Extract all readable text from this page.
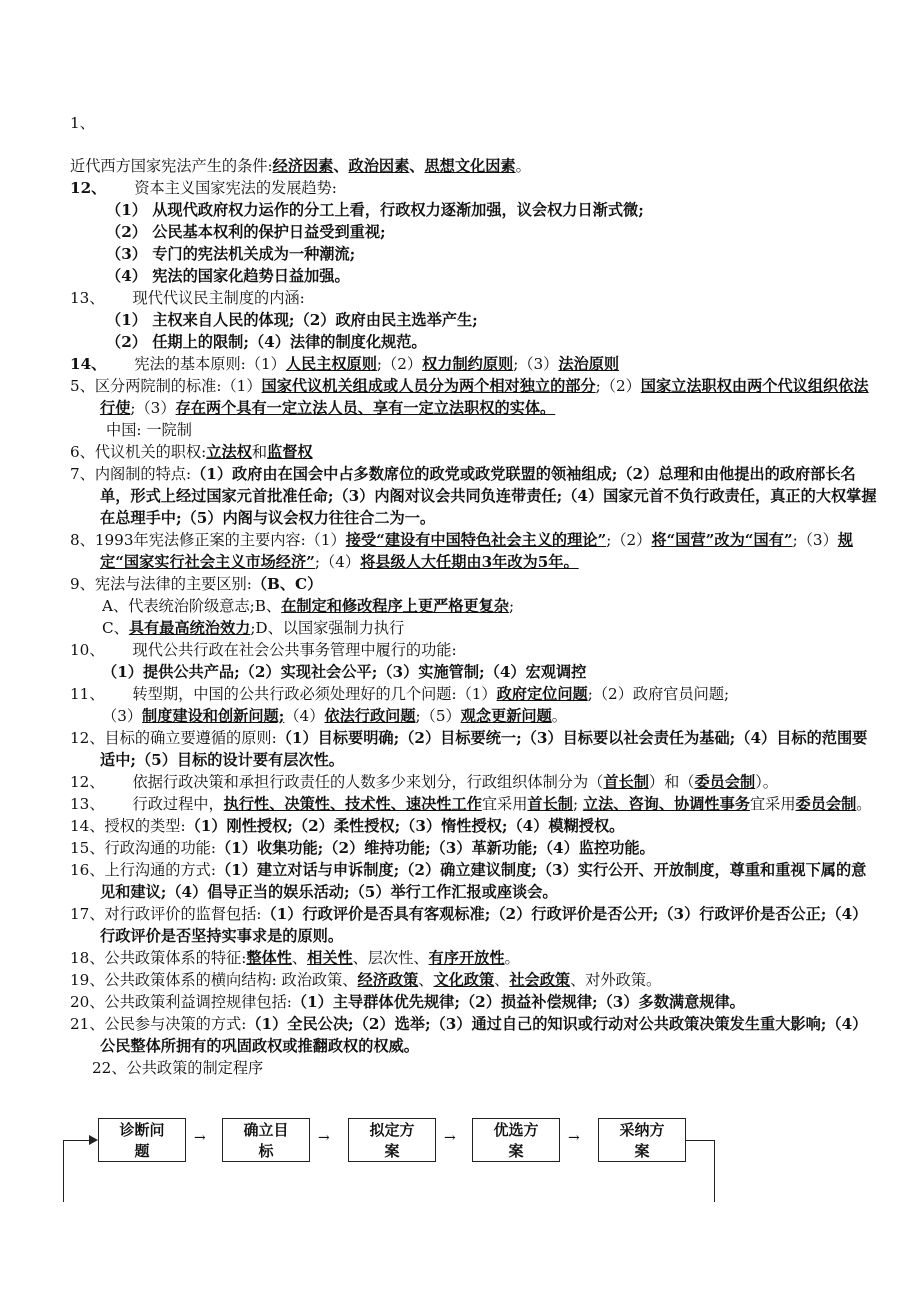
1、
近代西方国家宪法产生的条件:经济因素、政治因素、思想文化因素。
12、 资本主义国家宪法的发展趋势:
（1） 从现代政府权力运作的分工上看，行政权力逐渐加强，议会权力日渐式微;
（2） 公民基本权利的保护日益受到重视;
（3） 专门的宪法机关成为一种潮流;
（4） 宪法的国家化趋势日益加强。
13、 现代代议民主制度的内涵:
（1） 主权来自人民的体现;（2）政府由民主选举产生;
（2） 任期上的限制;（4）法律的制度化规范。
14、 宪法的基本原则:（1）人民主权原则;（2）权力制约原则;（3）法治原则
5、区分两院制的标准:（1）国家代议机关组成或人员分为两个相对独立的部分;（2）国家立法职权由两个代议组织依法行使;（3）存在两个具有一定立法人员、享有一定立法职权的实体。
中国: 一院制
6、代议机关的职权:立法权和监督权
7、内阁制的特点:（1）政府由在国会中占多数席位的政党或政党联盟的领袖组成;（2）总理和由他提出的政府部长名单，形式上经过国家元首批准任命;（3）内阁对议会共同负连带责任;（4）国家元首不负行政责任，真正的大权掌握在总理手中;（5）内阁与议会权力往往合二为一。
8、1993年宪法修正案的主要内容:（1）接受“建设有中国特色社会主义的理论”;（2）将“国营”改为“国有”;（3）规定“国家实行社会主义市场经济”;（4）将县级人大任期由3年改为5年。
9、宪法与法律的主要区别:（B、C）
A、代表统治阶级意志;B、在制定和修改程序上更严格更复杂;
C、具有最高统治效力;D、以国家强制力执行
10、 现代公共行政在社会公共事务管理中履行的功能:
（1）提供公共产品;（2）实现社会公平;（3）实施管制;（4）宏观调控
11、 转型期，中国的公共行政必须处理好的几个问题:（1）政府定位问题;（2）政府官员问题;
（3）制度建设和创新问题;（4）依法行政问题;（5）观念更新问题。
12、目标的确立要遵循的原则:（1）目标要明确;（2）目标要统一;（3）目标要以社会责任为基础;（4）目标的范围要适中;（5）目标的设计要有层次性。
12、 依据行政决策和承担行政责任的人数多少来划分，行政组织体制分为（首长制）和（委员会制）。
13、 行政过程中，执行性、决策性、技术性、速决性工作宜采用首长制; 立法、咨询、协调性事务宜采用委员会制。
14、授权的类型:（1）刚性授权;（2）柔性授权;（3）惰性授权;（4）模糊授权。
15、行政沟通的功能:（1）收集功能;（2）维持功能;（3）革新功能;（4）监控功能。
16、上行沟通的方式:（1）建立对话与申诉制度;（2）确立建议制度;（3）实行公开、开放制度，尊重和重视下属的意见和建议;（4）倡导正当的娱乐活动;（5）举行工作汇报或座谈会。
17、对行政评价的监督包括:（1）行政评价是否具有客观标准;（2）行政评价是否公开;（3）行政评价是否公正;（4）行政评价是否坚持实事求是的原则。
18、公共政策体系的特征:整体性、相关性、层次性、有序开放性。
19、公共政策体系的横向结构: 政治政策、经济政策、文化政策、社会政策、对外政策。
20、公共政策利益调控规律包括:（1）主导群体优先规律;（2）损益补偿规律;（3）多数满意规律。
21、公民参与决策的方式:（1）全民公决;（2）选举;（3）通过自己的知识或行动对公共政策决策发生重大影响;（4）公民整体所拥有的巩固政权或推翻政权的权威。
22、公共政策的制定程序
诊断问
题
→	确立目
标
→	拟定方
案
→	优选方
案
→	采纳方
案
